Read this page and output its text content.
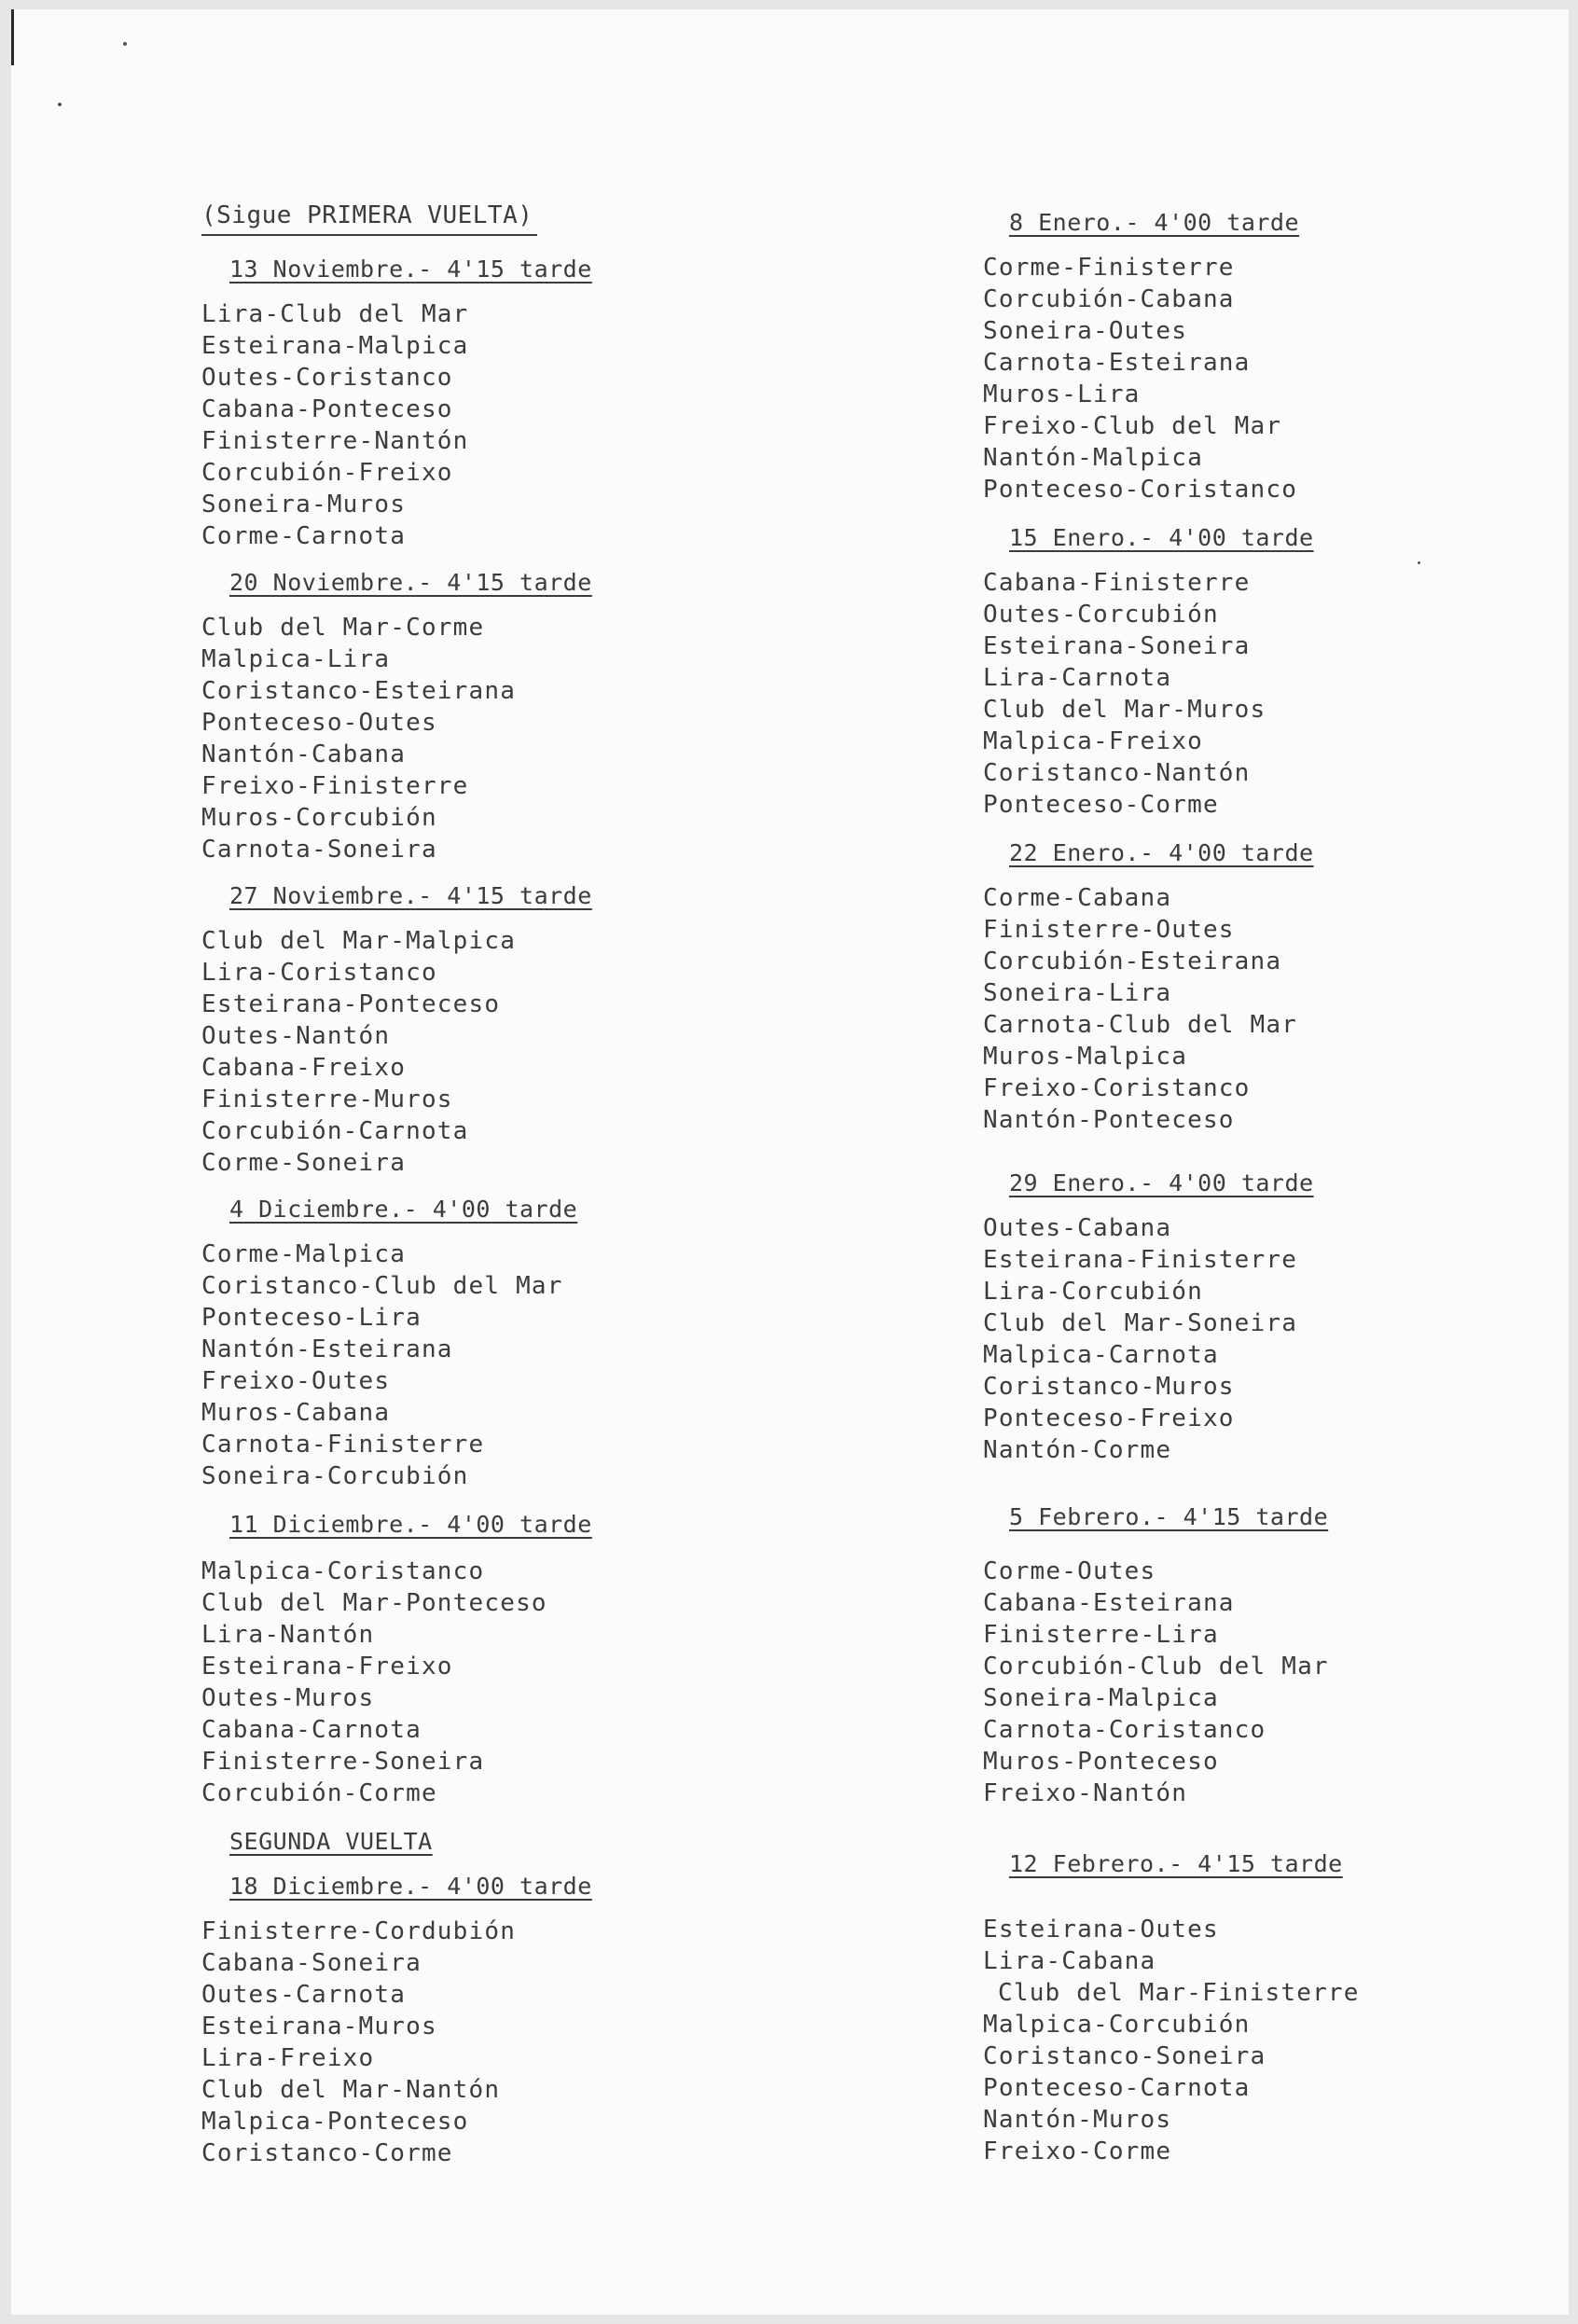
(Sigue PRIMERA VUELTA)
13 Noviembre.- 4'15 tarde
Lira-Club del Mar
Esteirana-Malpica
Outes-Coristanco
Cabana-Ponteceso
Finisterre-Nantón
Corcubión-Freixo
Soneira-Muros
Corme-Carnota
20 Noviembre.- 4'15 tarde
Club del Mar-Corme
Malpica-Lira
Coristanco-Esteirana
Ponteceso-Outes
Nantón-Cabana
Freixo-Finisterre
Muros-Corcubión
Carnota-Soneira
27 Noviembre.- 4'15 tarde
Club del Mar-Malpica
Lira-Coristanco
Esteirana-Ponteceso
Outes-Nantón
Cabana-Freixo
Finisterre-Muros
Corcubión-Carnota
Corme-Soneira
4 Diciembre.- 4'00 tarde
Corme-Malpica
Coristanco-Club del Mar
Ponteceso-Lira
Nantón-Esteirana
Freixo-Outes
Muros-Cabana
Carnota-Finisterre
Soneira-Corcubión
11 Diciembre.- 4'00 tarde
Malpica-Coristanco
Club del Mar-Ponteceso
Lira-Nantón
Esteirana-Freixo
Outes-Muros
Cabana-Carnota
Finisterre-Soneira
Corcubión-Corme
SEGUNDA VUELTA
18 Diciembre.- 4'00 tarde
Finisterre-Cordubión
Cabana-Soneira
Outes-Carnota
Esteirana-Muros
Lira-Freixo
Club del Mar-Nantón
Malpica-Ponteceso
Coristanco-Corme
8 Enero.- 4'00 tarde
Corme-Finisterre
Corcubión-Cabana
Soneira-Outes
Carnota-Esteirana
Muros-Lira
Freixo-Club del Mar
Nantón-Malpica
Ponteceso-Coristanco
15 Enero.- 4'00 tarde
Cabana-Finisterre
Outes-Corcubión
Esteirana-Soneira
Lira-Carnota
Club del Mar-Muros
Malpica-Freixo
Coristanco-Nantón
Ponteceso-Corme
22 Enero.- 4'00 tarde
Corme-Cabana
Finisterre-Outes
Corcubión-Esteirana
Soneira-Lira
Carnota-Club del Mar
Muros-Malpica
Freixo-Coristanco
Nantón-Ponteceso
29 Enero.- 4'00 tarde
Outes-Cabana
Esteirana-Finisterre
Lira-Corcubión
Club del Mar-Soneira
Malpica-Carnota
Coristanco-Muros
Ponteceso-Freixo
Nantón-Corme
5 Febrero.- 4'15 tarde
Corme-Outes
Cabana-Esteirana
Finisterre-Lira
Corcubión-Club del Mar
Soneira-Malpica
Carnota-Coristanco
Muros-Ponteceso
Freixo-Nantón
12 Febrero.- 4'15 tarde
Esteirana-Outes
Lira-Cabana
Club del Mar-Finisterre
Malpica-Corcubión
Coristanco-Soneira
Ponteceso-Carnota
Nantón-Muros
Freixo-Corme
